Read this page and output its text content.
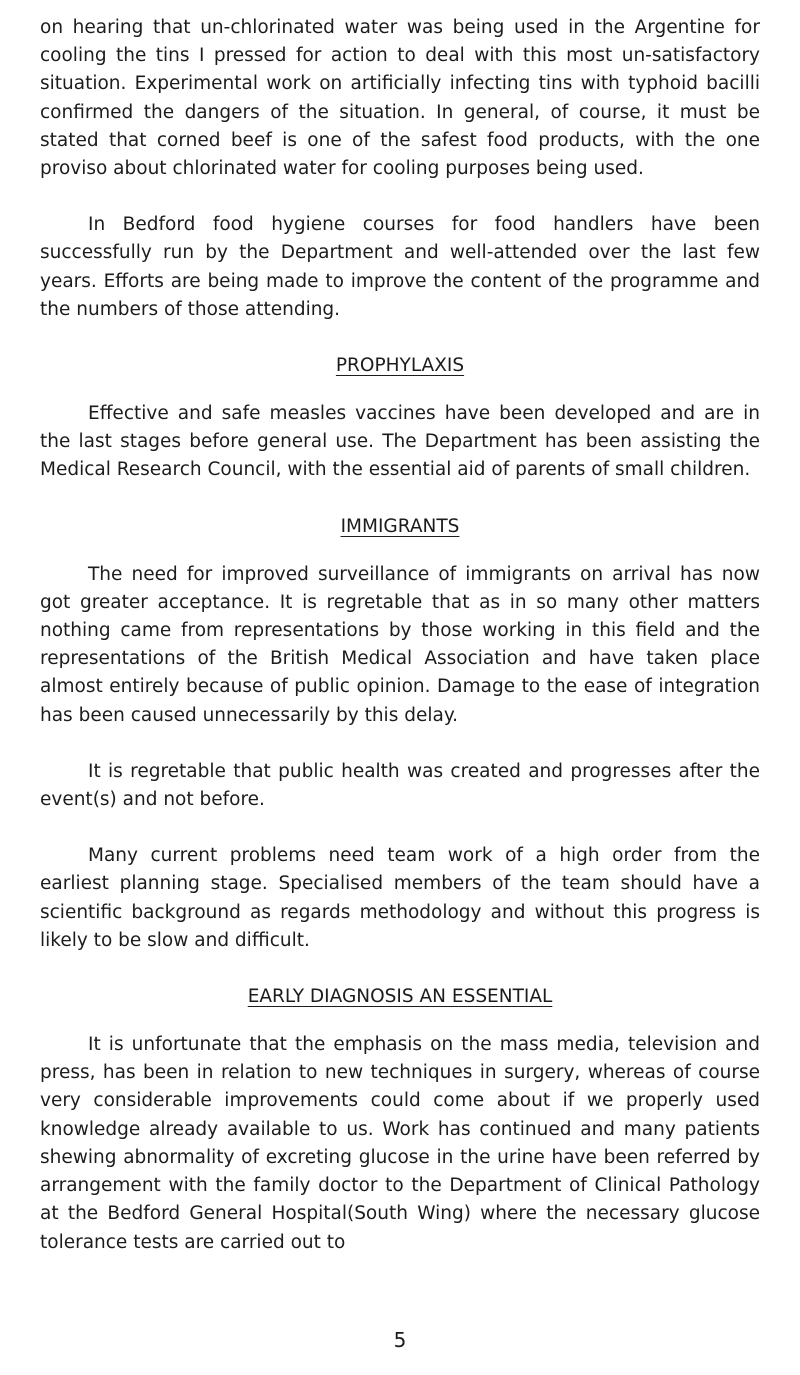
on hearing that un-chlorinated water was being used in the Argentine for cooling the tins I pressed for action to deal with this most un-satisfactory situation. Experimental work on artificially infecting tins with typhoid bacilli confirmed the dangers of the situation. In general, of course, it must be stated that corned beef is one of the safest food products, with the one proviso about chlorinated water for cooling purposes being used.

In Bedford food hygiene courses for food handlers have been successfully run by the Department and well-attended over the last few years. Efforts are being made to improve the content of the programme and the numbers of those attending.

PROPHYLAXIS

Effective and safe measles vaccines have been developed and are in the last stages before general use. The Department has been assisting the Medical Research Council, with the essential aid of parents of small children.

IMMIGRANTS

The need for improved surveillance of immigrants on arrival has now got greater acceptance. It is regretable that as in so many other matters nothing came from representations by those working in this field and the representations of the British Medical Association and have taken place almost entirely because of public opinion. Damage to the ease of integration has been caused unnecessarily by this delay.

It is regretable that public health was created and progresses after the event(s) and not before.

Many current problems need team work of a high order from the earliest planning stage. Specialised members of the team should have a scientific background as regards methodology and without this progress is likely to be slow and difficult.

EARLY DIAGNOSIS AN ESSENTIAL

It is unfortunate that the emphasis on the mass media, television and press, has been in relation to new techniques in surgery, whereas of course very considerable improvements could come about if we properly used knowledge already available to us. Work has continued and many patients shewing abnormality of excreting glucose in the urine have been referred by arrangement with the family doctor to the Department of Clinical Pathology at the Bedford General Hospital(South Wing) where the necessary glucose tolerance tests are carried out to

5
